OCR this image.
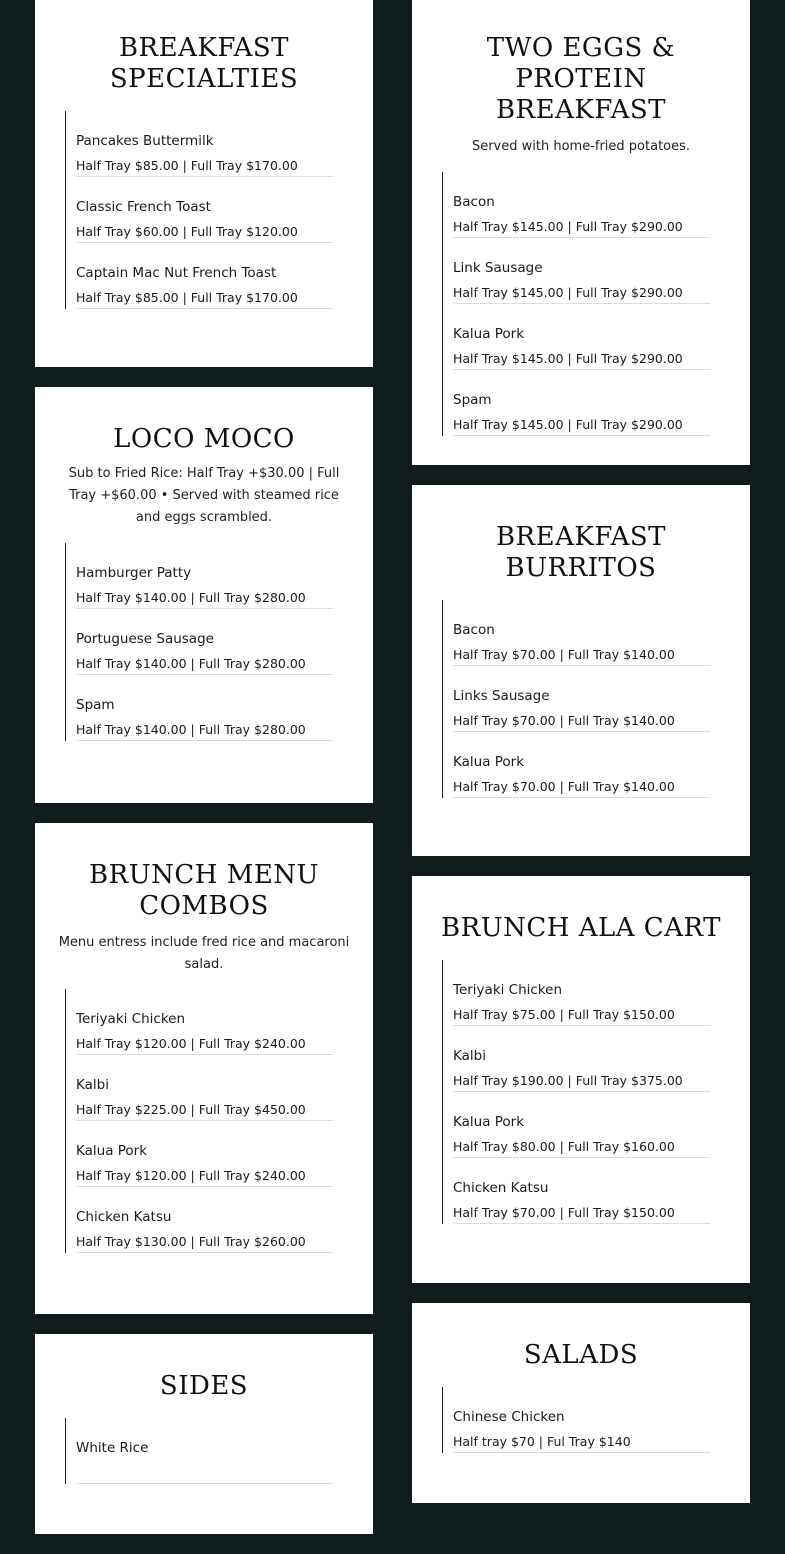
BREAKFAST SPECIALTIES
Pancakes Buttermilk
Half Tray $85.00 | Full Tray $170.00
Classic French Toast
Half Tray $60.00 | Full Tray $120.00
Captain Mac Nut French Toast
Half Tray $85.00 | Full Tray $170.00
LOCO MOCO

Sub to Fried Rice: Half Tray +$30.00 | Full Tray +$60.00 • Served with steamed rice and eggs scrambled.

Hamburger Patty
Half Tray $140.00 | Full Tray $280.00
Portuguese Sausage
Half Tray $140.00 | Full Tray $280.00
Spam
Half Tray $140.00 | Full Tray $280.00
BRUNCH MENU COMBOS

Menu entress include fred rice and macaroni salad.

Teriyaki Chicken
Half Tray $120.00 | Full Tray $240.00
Kalbi
Half Tray $225.00 | Full Tray $450.00
Kalua Pork
Half Tray $120.00 | Full Tray $240.00
Chicken Katsu
Half Tray $130.00 | Full Tray $260.00
SIDES
White Rice
TWO EGGS & PROTEIN BREAKFAST

Served with home-fried potatoes.

Bacon
Half Tray $145.00 | Full Tray $290.00
Link Sausage
Half Tray $145.00 | Full Tray $290.00
Kalua Pork
Half Tray $145.00 | Full Tray $290.00
Spam
Half Tray $145.00 | Full Tray $290.00
BREAKFAST BURRITOS
Bacon
Half Tray $70.00 | Full Tray $140.00
Links Sausage
Half Tray $70.00 | Full Tray $140.00
Kalua Pork
Half Tray $70.00 | Full Tray $140.00
BRUNCH ALA CART
Teriyaki Chicken
Half Tray $75.00 | Full Tray $150.00
Kalbi
Half Tray $190.00 | Full Tray $375.00
Kalua Pork
Half Tray $80.00 | Full Tray $160.00
Chicken Katsu
Half Tray $70.00 | Full Tray $150.00
SALADS
Chinese Chicken
Half tray $70 | Ful Tray $140
